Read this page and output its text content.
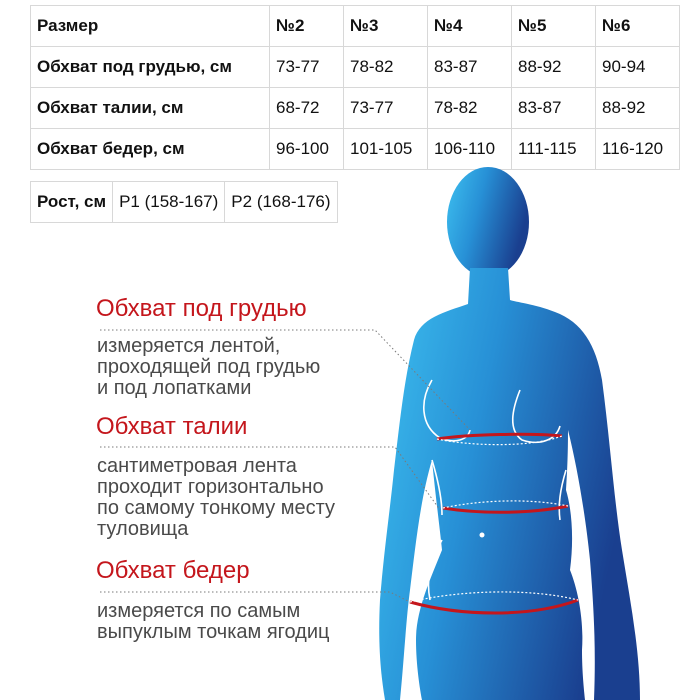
Размер	№2	№3	№4	№5	№6
Обхват под грудью, см	73-77	78-82	83-87	88-92	90-94
Обхват талии, см	68-72	73-77	78-82	83-87	88-92
Обхват бедер, см	96-100	101-105	106-110	111-115	116-120
Рост, см	Р1 (158-167)	Р2 (168-176)
Обхват под грудью
измеряется лентой,
проходящей под грудью
и под лопатками
Обхват талии
сантиметровая лента
проходит горизонтально
по самому тонкому месту
туловища
Обхват бедер
измеряется по самым
выпуклым точкам ягодиц
